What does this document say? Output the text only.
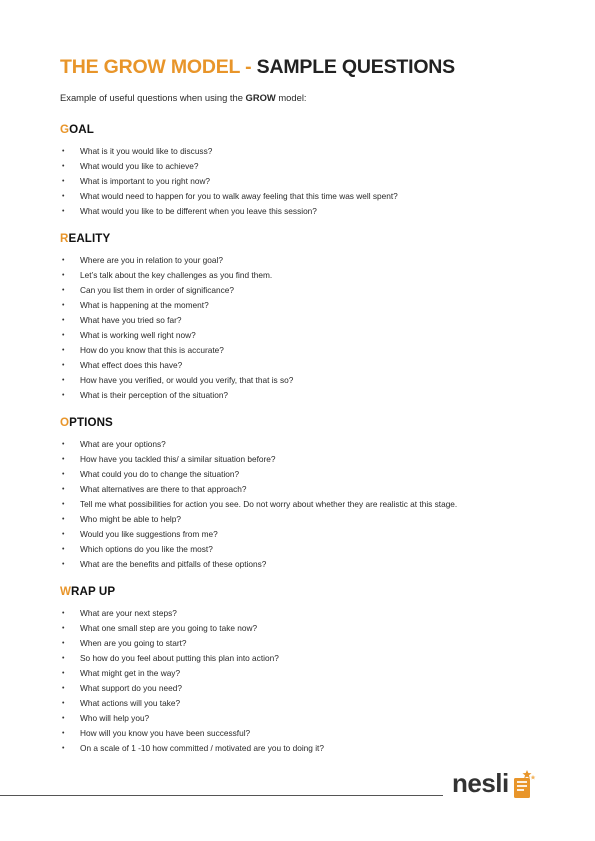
THE GROW MODEL - SAMPLE QUESTIONS
Example of useful questions when using the GROW model:
GOAL
• What is it you would like to discuss?
• What would you like to achieve?
• What is important to you right now?
• What would need to happen for you to walk away feeling that this time was well spent?
• What would you like to be different when you leave this session?
REALITY
• Where are you in relation to your goal?
• Let’s talk about the key challenges as you find them.
• Can you list them in order of significance?
• What is happening at the moment?
• What have you tried so far?
• What is working well right now?
• How do you know that this is accurate?
• What effect does this have?
• How have you verified, or would you verify, that that is so?
• What is their perception of the situation?
OPTIONS
• What are your options?
• How have you tackled this/ a similar situation before?
• What could you do to change the situation?
• What alternatives are there to that approach?
• Tell me what possibilities for action you see. Do not worry about whether they are realistic at this stage.
• Who might be able to help?
• Would you like suggestions from me?
• Which options do you like the most?
• What are the benefits and pitfalls of these options?
WRAP UP
• What are your next steps?
• What one small step are you going to take now?
• When are you going to start?
• So how do you feel about putting this plan into action?
• What might get in the way?
• What support do you need?
• What actions will you take?
• Who will help you?
• How will you know you have been successful?
• On a scale of 1 -10 how committed / motivated are you to doing it?
nesli
